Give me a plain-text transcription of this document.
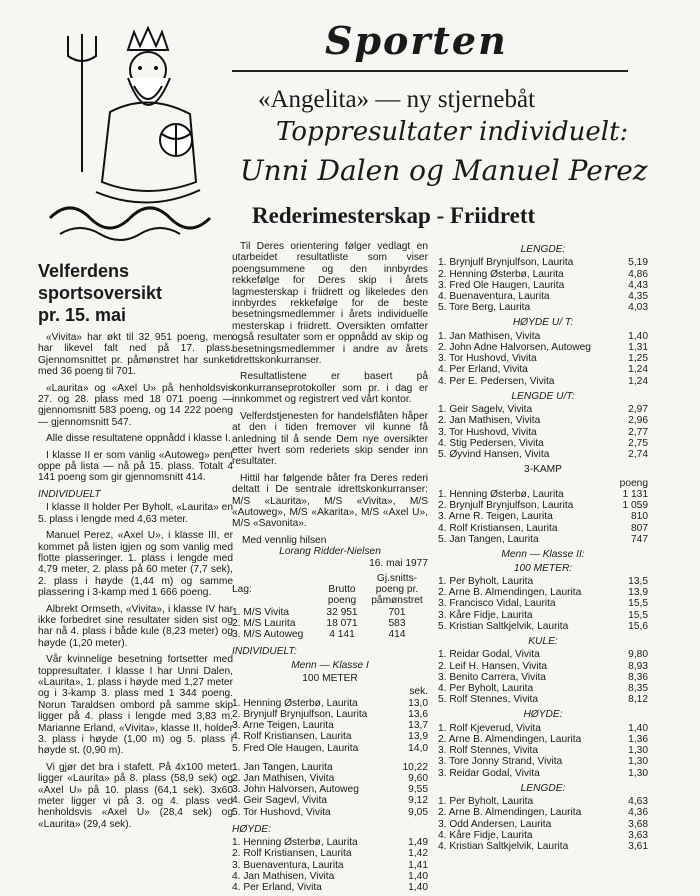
Sporten
«Angelita» — ny stjernebåt
Toppresultater individuelt:
Unni Dalen og Manuel Perez
Rederimesterskap - Friidrett
Velferdens
sportsoversikt
pr. 15. mai

«Vivita» har økt til 32 951 poeng, men har likevel falt ned på 17. plass. Gjennomsnittet pr. påmønstret har sunket med 36 poeng til 701.

«Laurita» og «Axel U» på henholdsvis 27. og 28. plass med 18 071 poeng — gjennomsnitt 583 poeng, og 14 222 poeng — gjennomsnitt 547.

Alle disse resultatene oppnådd i klasse I.

I klasse II er som vanlig «Autoweg» pent oppe på lista — nå på 15. plass. Totalt 4 141 poeng som gir gjennomsnitt 414.

INDIVIDUELT

I klasse II holder Per Byholt, «Laurita» en 5. plass i lengde med 4,63 meter.

Manuel Perez, «Axel U», i klasse III, er kommet på listen igjen og som vanlig med flotte plasseringer. 1. plass i lengde med 4,79 meter, 2. plass på 60 meter (7,7 sek), 2. plass i høyde (1,44 m) og samme plassering i 3-kamp med 1 666 poeng.

Albrekt Ormseth, «Vivita», i klasse IV har ikke forbedret sine resultater siden sist og har nå 4. plass i både kule (8,23 meter) og høyde (1,20 meter).

Vår kvinnelige besetning fortsetter med toppresultater. I klasse I har Unni Dalen, «Laurita», 1. plass i høyde med 1,27 meter og i 3-kamp 3. plass med 1 344 poeng. Norun Taraldsen ombord på samme skip ligger på 4. plass i lengde med 3,83 m. Marianne Erland, «Vivita», klasse II, holder 3. plass i høyde (1,00 m) og 5. plass i høyde st. (0,90 m).

Vi gjør det bra i stafett. På 4x100 meter ligger «Laurita» på 8. plass (58,9 sek) og «Axel U» på 10. plass (64,1 sek). 3x60 meter ligger vi på 3. og 4. plass ved henholdsvis «Axel U» (28,4 sek) og «Laurita» (29,4 sek).

Til Deres orientering følger vedlagt en utarbeidet resultatliste som viser poengsummene og den innbyrdes rekkefølge for Deres skip i årets lagmesterskap i friidrett og likeledes den innbyrdes rekkefølge for de beste besetningsmedlemmer i årets individuelle mesterskap i friidrett. Oversikten omfatter også resultater som er oppnådd av skip og besetningsmedlemmer i andre av årets idrettskonkurranser.

Resultatlistene er basert på konkurranseprotokoller som pr. i dag er innkommet og registrert ved vårt kontor.

Velferdstjenesten for handelsflåten håper at den i tiden fremover vil kunne få anledning til å sende Dem nye oversikter etter hvert som rederiets skip sender inn resultater.

Hittil har følgende båter fra Deres rederi deltatt i De sentrale idrettskonkurranser: M/S «Laurita», M/S «Vivita», M/S «Autoweg», M/S «Akarita», M/S «Axel U», M/S «Savonita».

Med vennlig hilsen
Lorang Ridder-Nielsen
16. mai 1977
Lag:	Brutto poeng	Gj.snitts-poeng pr. påmønstret
1. M/S Vivita	32 951	701
2. M/S Laurita	18 071	583
3. M/S Autoweg	4 141	414
INDIVIDUELT:
Menn — Klasse I
100 METER
sek.
1. Henning Østerbø, Laurita	13,0
2. Brynjulf Brynjulfson, Laurita	13,6
3. Arne Teigen, Laurita	13,7
4. Rolf Kristiansen, Laurita	13,9
5. Fred Ole Haugen, Laurita	14,0
1. Jan Tangen, Laurita	10,22
2. Jan Mathisen, Vivita	9,60
3. John Halvorsen, Autoweg	9,55
4. Geir Sagevl, Vivita	9,12
5. Tor Hushovd, Vivita	9,05
HØYDE:
1. Henning Østerbø, Laurita	1,49
2. Rolf Kristiansen, Laurita	1,42
3. Buenaventura, Laurita	1,41
4. Jan Mathisen, Vivita	1,40
4. Per Erland, Vivita	1,40
LENGDE:
1. Brynjulf Brynjulfson, Laurita	5,19
2. Henning Østerbø, Laurita	4,86
3. Fred Ole Haugen, Laurita	4,43
4. Buenaventura, Laurita	4,35
5. Tore Berg, Laurita	4,03
HØYDE U/ T:
1. Jan Mathisen, Vivita	1,40
2. John Adne Halvorsen, Autoweg	1,31
3. Tor Hushovd, Vivita	1,25
4. Per Erland, Vivita	1,24
4. Per E. Pedersen, Vivita	1,24
LENGDE U/T:
1. Geir Sagelv, Vivita	2,97
2. Jan Mathisen, Vivita	2,96
3. Tor Hushovd, Vivita	2,77
4. Stig Pedersen, Vivita	2,75
5. Øyvind Hansen, Vivita	2,74
3-KAMP
poeng
1. Henning Østerbø, Laurita	1 131
2. Brynjulf Brynjulfson, Laurita	1 059
3. Arne R. Teigen, Laurita	810
4. Rolf Kristiansen, Laurita	807
5. Jan Tangen, Laurita	747
Menn — Klasse II:
100 METER:
1. Per Byholt, Laurita	13,5
2. Arne B. Almendingen, Laurita	13,9
3. Francisco Vidal, Laurita	15,5
3. Kåre Fidje, Laurita	15,5
5. Kristian Saltkjelvik, Laurita	15,6
KULE:
1. Reidar Godal, Vivita	9,80
2. Leif H. Hansen, Vivita	8,93
3. Benito Carrera, Vivita	8,36
4. Per Byholt, Laurita	8,35
5. Rolf Stennes, Vivita	8,12
HØYDE:
1. Rolf Kjeverud, Vivita	1,40
2. Arne B. Almendingen, Laurita	1,36
3. Rolf Stennes, Vivita	1,30
3. Tore Jonny Strand, Vivita	1,30
3. Reidar Godal, Vivita	1,30
LENGDE:
1. Per Byholt, Laurita	4,63
2. Arne B. Almendingen, Laurita	4,36
3. Odd Andersen, Laurita	3,68
4. Kåre Fidje, Laurita	3,63
4. Kristian Saltkjelvik, Laurita	3,61
